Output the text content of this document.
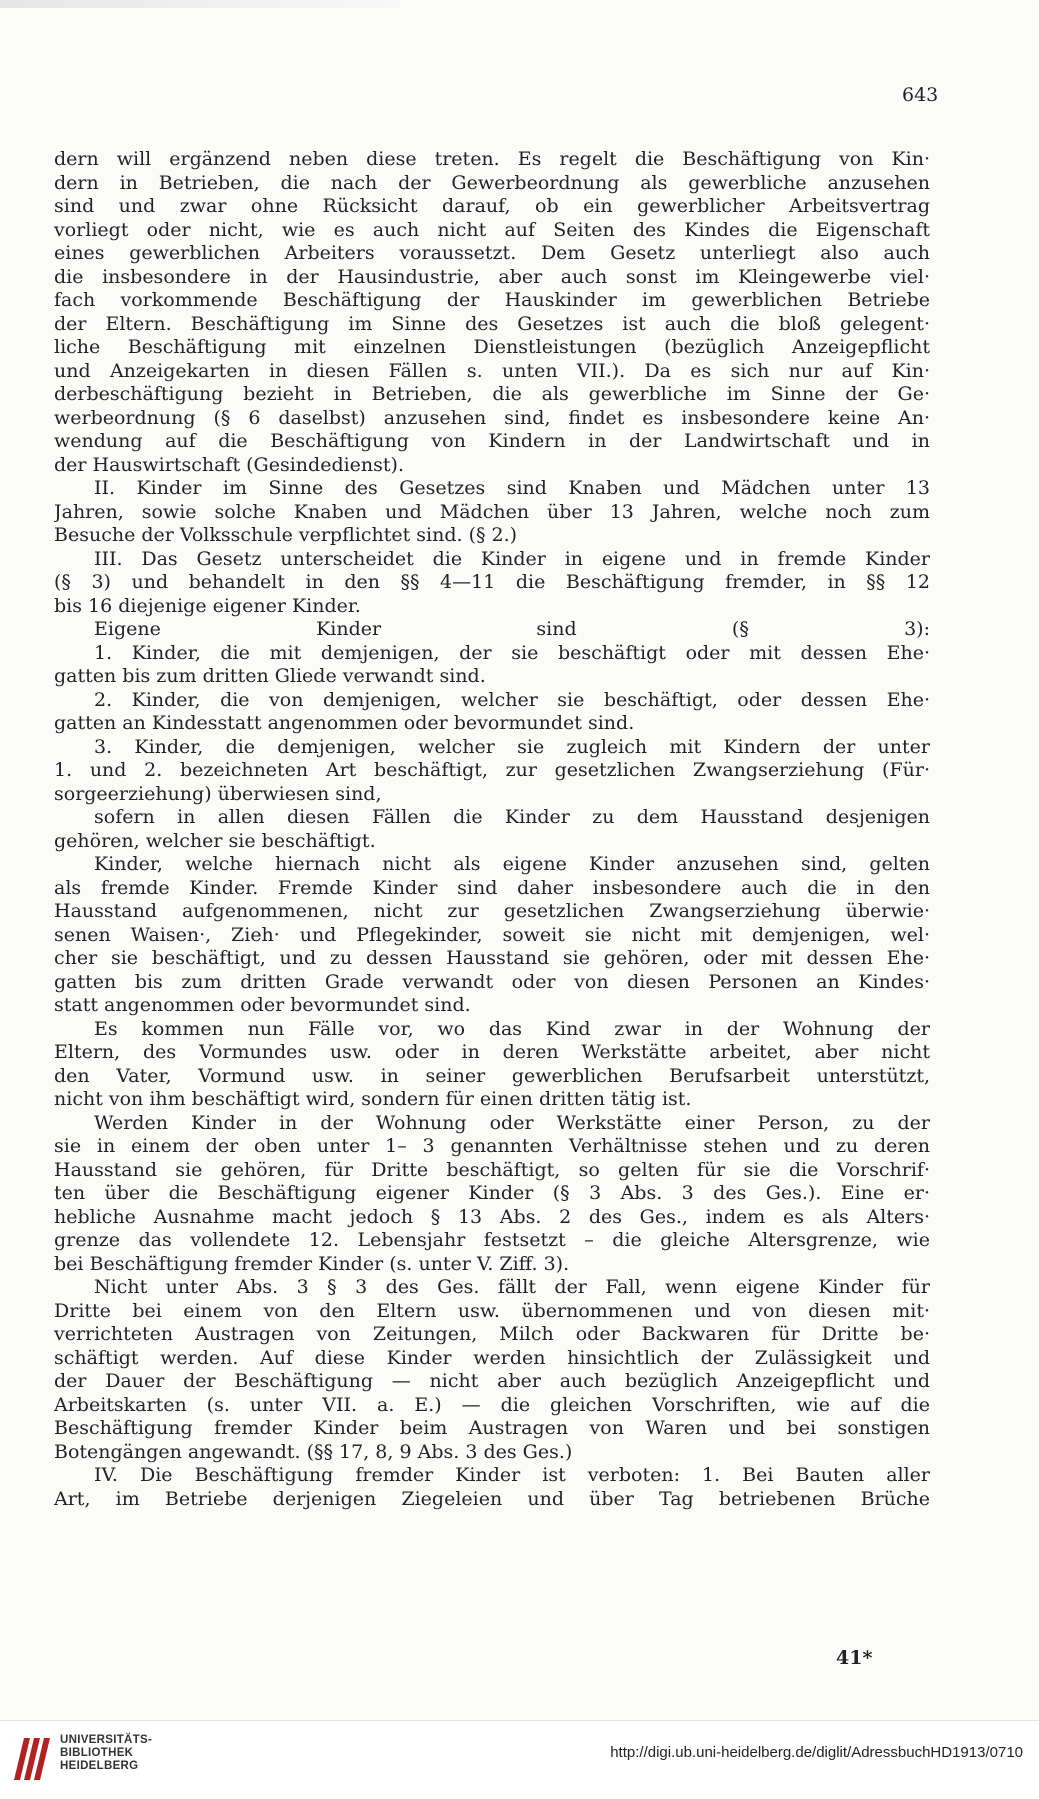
643
dern will ergänzend neben diese treten. Es regelt die Beschäftigung von Kin·
dern in Betrieben, die nach der Gewerbeordnung als gewerbliche anzusehen
sind und zwar ohne Rücksicht darauf, ob ein gewerblicher Arbeitsvertrag
vorliegt oder nicht, wie es auch nicht auf Seiten des Kindes die Eigenschaft
eines gewerblichen Arbeiters voraussetzt. Dem Gesetz unterliegt also auch
die insbesondere in der Hausindustrie, aber auch sonst im Kleingewerbe viel·
fach vorkommende Beschäftigung der Hauskinder im gewerblichen Betriebe
der Eltern. Beschäftigung im Sinne des Gesetzes ist auch die bloß gelegent·
liche Beschäftigung mit einzelnen Dienstleistungen (bezüglich Anzeigepflicht
und Anzeigekarten in diesen Fällen s. unten VII.). Da es sich nur auf Kin·
derbeschäftigung bezieht in Betrieben, die als gewerbliche im Sinne der Ge·
werbeordnung (§ 6 daselbst) anzusehen sind, findet es insbesondere keine An·
wendung auf die Beschäftigung von Kindern in der Landwirtschaft und in
der Hauswirtschaft (Gesindedienst).
II. Kinder im Sinne des Gesetzes sind Knaben und Mädchen unter 13
Jahren, sowie solche Knaben und Mädchen über 13 Jahren, welche noch zum
Besuche der Volksschule verpflichtet sind. (§ 2.)
III. Das Gesetz unterscheidet die Kinder in eigene und in fremde Kinder
(§ 3) und behandelt in den §§ 4—11 die Beschäftigung fremder, in §§ 12
bis 16 diejenige eigener Kinder.
Eigene Kinder sind (§ 3):
1. Kinder, die mit demjenigen, der sie beschäftigt oder mit dessen Ehe·
gatten bis zum dritten Gliede verwandt sind.
2. Kinder, die von demjenigen, welcher sie beschäftigt, oder dessen Ehe·
gatten an Kindesstatt angenommen oder bevormundet sind.
3. Kinder, die demjenigen, welcher sie zugleich mit Kindern der unter
1. und 2. bezeichneten Art beschäftigt, zur gesetzlichen Zwangserziehung (Für·
sorgeerziehung) überwiesen sind,
sofern in allen diesen Fällen die Kinder zu dem Hausstand desjenigen
gehören, welcher sie beschäftigt.
Kinder, welche hiernach nicht als eigene Kinder anzusehen sind, gelten
als fremde Kinder. Fremde Kinder sind daher insbesondere auch die in den
Hausstand aufgenommenen, nicht zur gesetzlichen Zwangserziehung überwie·
senen Waisen·, Zieh· und Pflegekinder, soweit sie nicht mit demjenigen, wel·
cher sie beschäftigt, und zu dessen Hausstand sie gehören, oder mit dessen Ehe·
gatten bis zum dritten Grade verwandt oder von diesen Personen an Kindes·
statt angenommen oder bevormundet sind.
Es kommen nun Fälle vor, wo das Kind zwar in der Wohnung der
Eltern, des Vormundes usw. oder in deren Werkstätte arbeitet, aber nicht
den Vater, Vormund usw. in seiner gewerblichen Berufsarbeit unterstützt,
nicht von ihm beschäftigt wird, sondern für einen dritten tätig ist.
Werden Kinder in der Wohnung oder Werkstätte einer Person, zu der
sie in einem der oben unter 1– 3 genannten Verhältnisse stehen und zu deren
Hausstand sie gehören, für Dritte beschäftigt, so gelten für sie die Vorschrif·
ten über die Beschäftigung eigener Kinder (§ 3 Abs. 3 des Ges.). Eine er·
hebliche Ausnahme macht jedoch § 13 Abs. 2 des Ges., indem es als Alters·
grenze das vollendete 12. Lebensjahr festsetzt – die gleiche Altersgrenze, wie
bei Beschäftigung fremder Kinder (s. unter V. Ziff. 3).
Nicht unter Abs. 3 § 3 des Ges. fällt der Fall, wenn eigene Kinder für
Dritte bei einem von den Eltern usw. übernommenen und von diesen mit·
verrichteten Austragen von Zeitungen, Milch oder Backwaren für Dritte be·
schäftigt werden. Auf diese Kinder werden hinsichtlich der Zulässigkeit und
der Dauer der Beschäftigung — nicht aber auch bezüglich Anzeigepflicht und
Arbeitskarten (s. unter VII. a. E.) — die gleichen Vorschriften, wie auf die
Beschäftigung fremder Kinder beim Austragen von Waren und bei sonstigen
Botengängen angewandt. (§§ 17, 8, 9 Abs. 3 des Ges.)
IV. Die Beschäftigung fremder Kinder ist verboten: 1. Bei Bauten aller
Art, im Betriebe derjenigen Ziegeleien und über Tag betriebenen Brüche
41*
UNIVERSITÄTS-
BIBLIOTHEK
HEIDELBERG
http://digi.ub.uni-heidelberg.de/diglit/AdressbuchHD1913/0710
